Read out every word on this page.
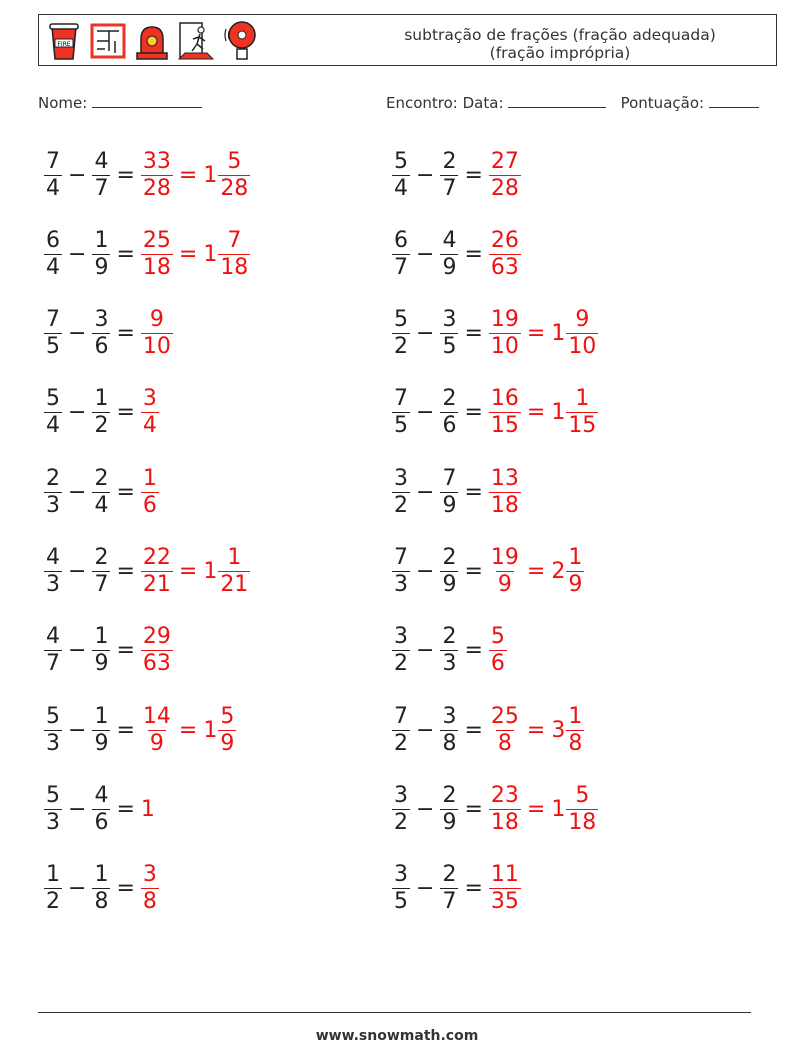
FIRE
subtração de frações (fração adequada)
(fração imprópria)
Nome:	Encontro: Data:	Pontuação:
$\frac{7}{4} - \frac{4}{7} = \frac{33}{28} = 1 \frac{5}{28}$	$\frac{5}{4} - \frac{2}{7} = \frac{27}{28}$
$\frac{6}{4} - \frac{1}{9} = \frac{25}{18} = 1 \frac{7}{18}$	$\frac{6}{7} - \frac{4}{9} = \frac{26}{63}$
$\frac{7}{5} - \frac{3}{6} = \frac{9}{10}$	$\frac{5}{2} - \frac{3}{5} = \frac{19}{10} = 1 \frac{9}{10}$
$\frac{5}{4} - \frac{1}{2} = \frac{3}{4}$	$\frac{7}{5} - \frac{2}{6} = \frac{16}{15} = 1 \frac{1}{15}$
$\frac{2}{3} - \frac{2}{4} = \frac{1}{6}$	$\frac{3}{2} - \frac{7}{9} = \frac{13}{18}$
$\frac{4}{3} - \frac{2}{7} = \frac{22}{21} = 1 \frac{1}{21}$	$\frac{7}{3} - \frac{2}{9} = \frac{19}{9} = 2 \frac{1}{9}$
$\frac{4}{7} - \frac{1}{9} = \frac{29}{63}$	$\frac{3}{2} - \frac{2}{3} = \frac{5}{6}$
$\frac{5}{3} - \frac{1}{9} = \frac{14}{9} = 1 \frac{5}{9}$	$\frac{7}{2} - \frac{3}{8} = \frac{25}{8} = 3 \frac{1}{8}$
$\frac{5}{3} - \frac{4}{6} = 1$	$\frac{3}{2} - \frac{2}{9} = \frac{23}{18} = 1 \frac{5}{18}$
$\frac{1}{2} - \frac{1}{8} = \frac{3}{8}$	$\frac{3}{5} - \frac{2}{7} = \frac{11}{35}$
www.snowmath.com
